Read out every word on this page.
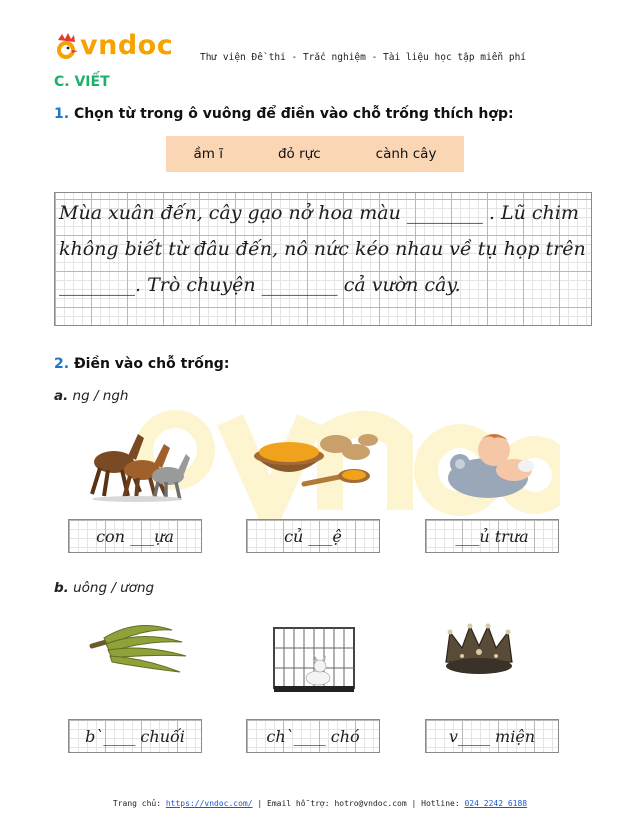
vndoc	Thư viện Đề thi - Trắc nghiệm - Tài liệu học tập miễn phí
C. VIẾT
1. Chọn từ trong ô vuông để điền vào chỗ trống thích hợp:
ầm ĩ	đỏ rực	cành cây
Mùa xuân đến, cây gạo nở hoa màu ________ . Lũ chim không biết từ đâu đến, nô nức kéo nhau về tụ họp trên ________. Trò chuyện ________ cả vườn cây.
2. Điền vào chỗ trống:
a. ng / ngh
con ___ựa	củ ___ệ	___ủ trưa
b. uông / ương
b`____ chuối	ch`____ chó	v____ miện
Trang chủ: https://vndoc.com/ | Email hỗ trợ: hotro@vndoc.com | Hotline: 024 2242 6188
